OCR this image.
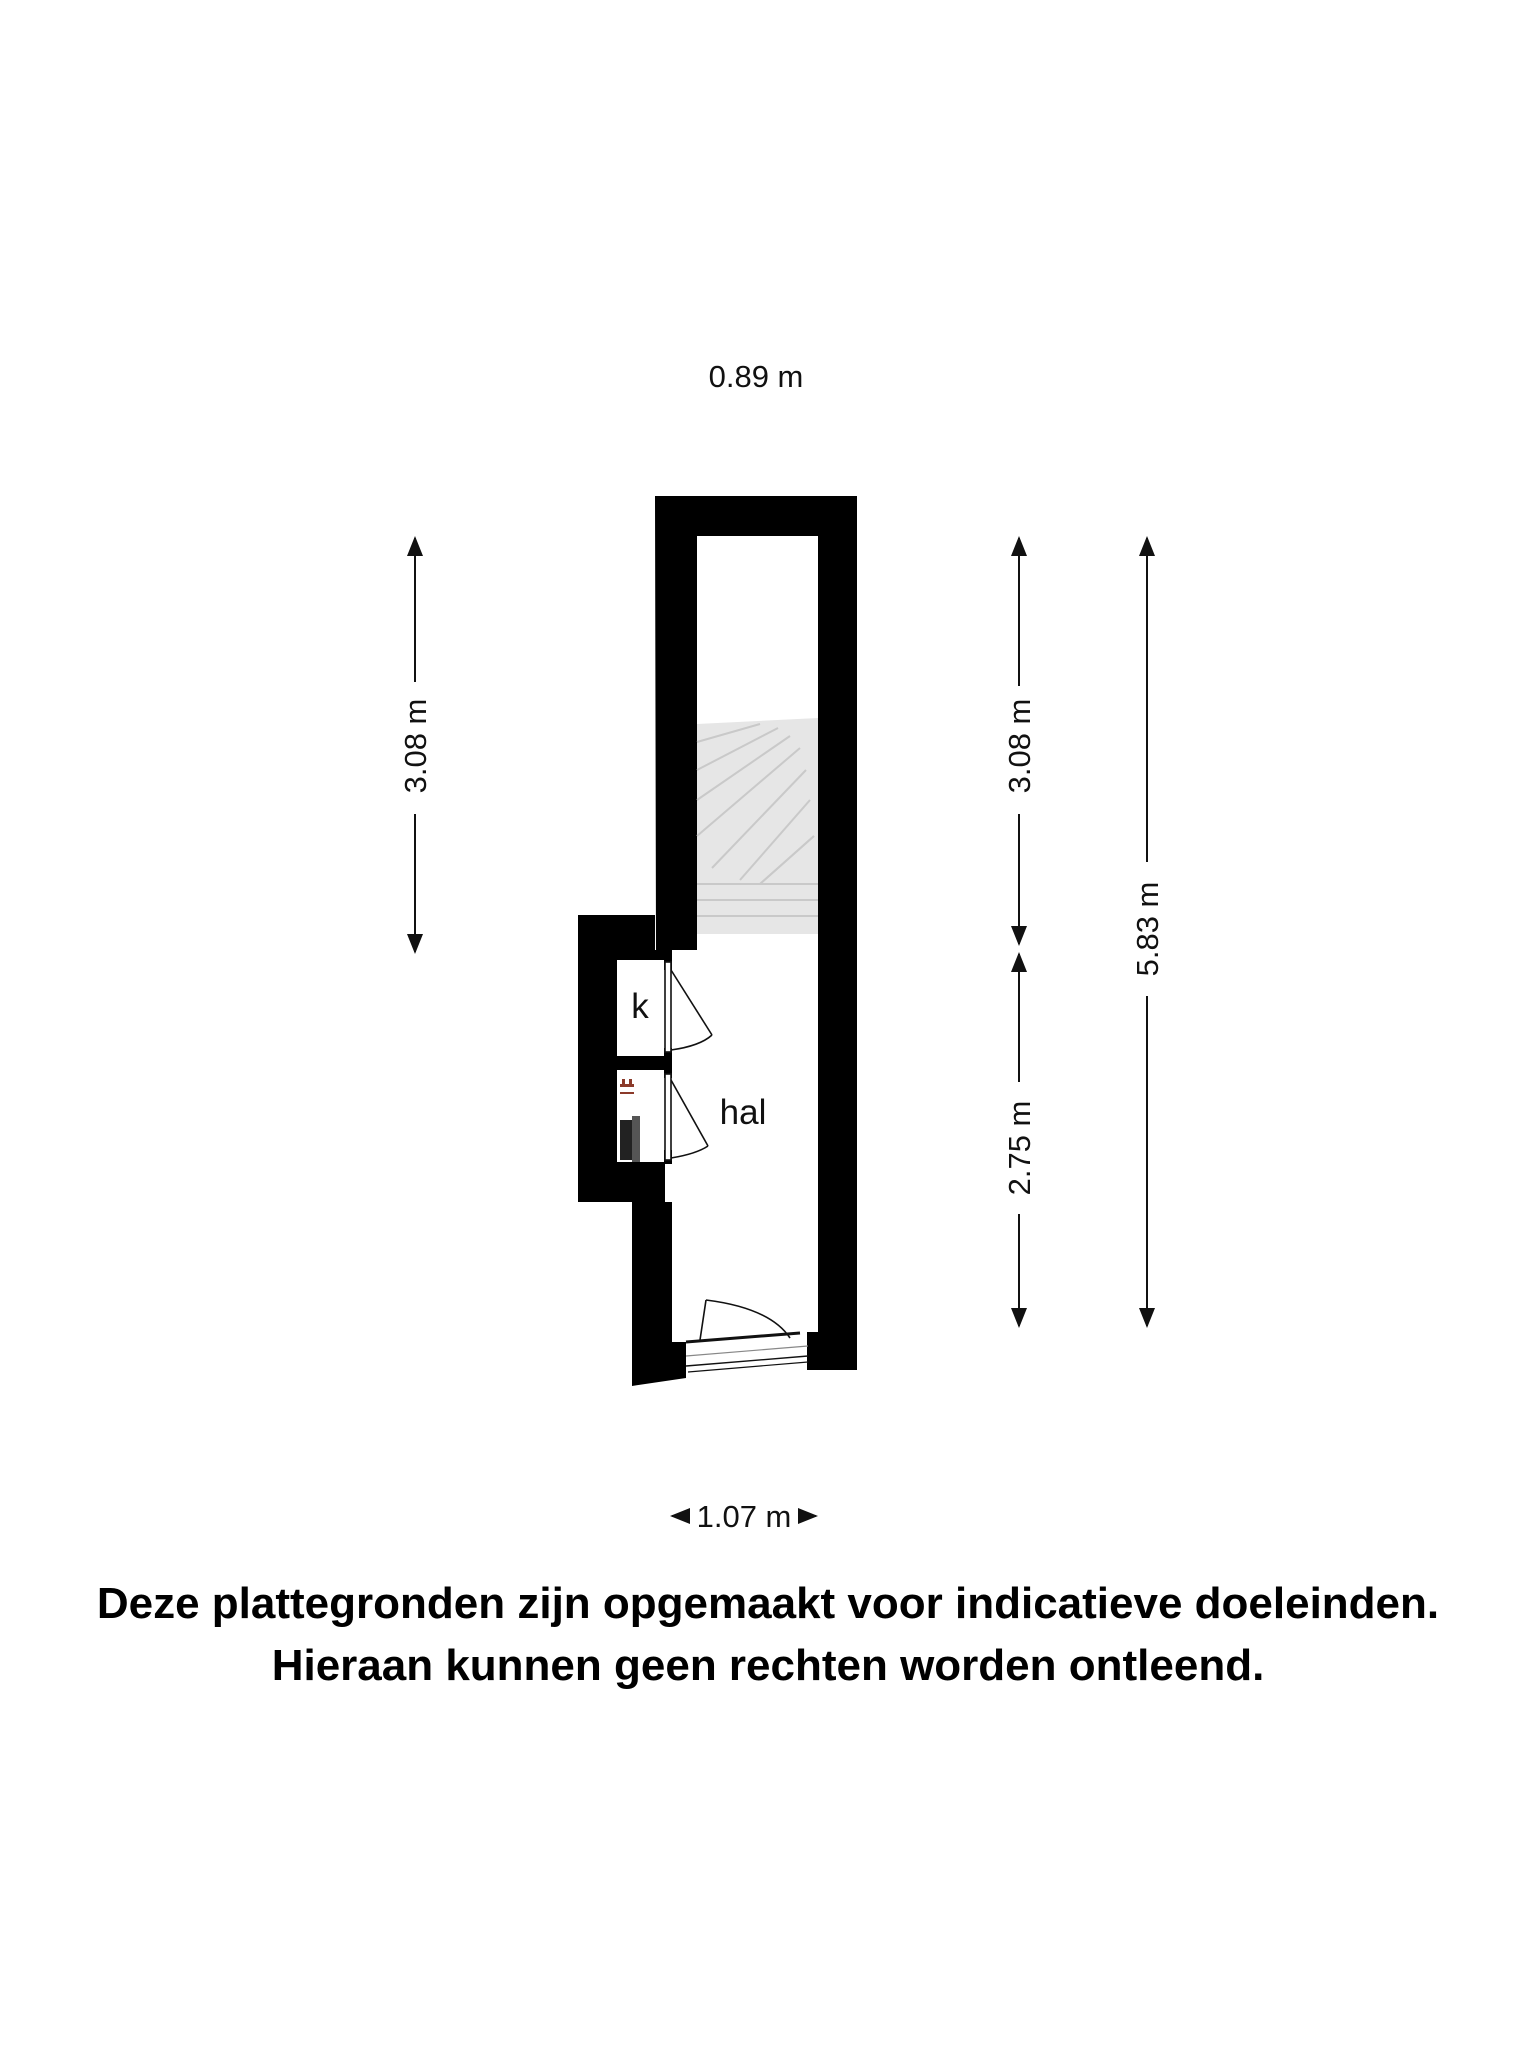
0.89 m
3.08 m	3.08 m
2.75 m
5.83 m
1.07 m
k
hal
Deze plattegronden zijn opgemaakt voor indicatieve doeleinden.
Hieraan kunnen geen rechten worden ontleend.
